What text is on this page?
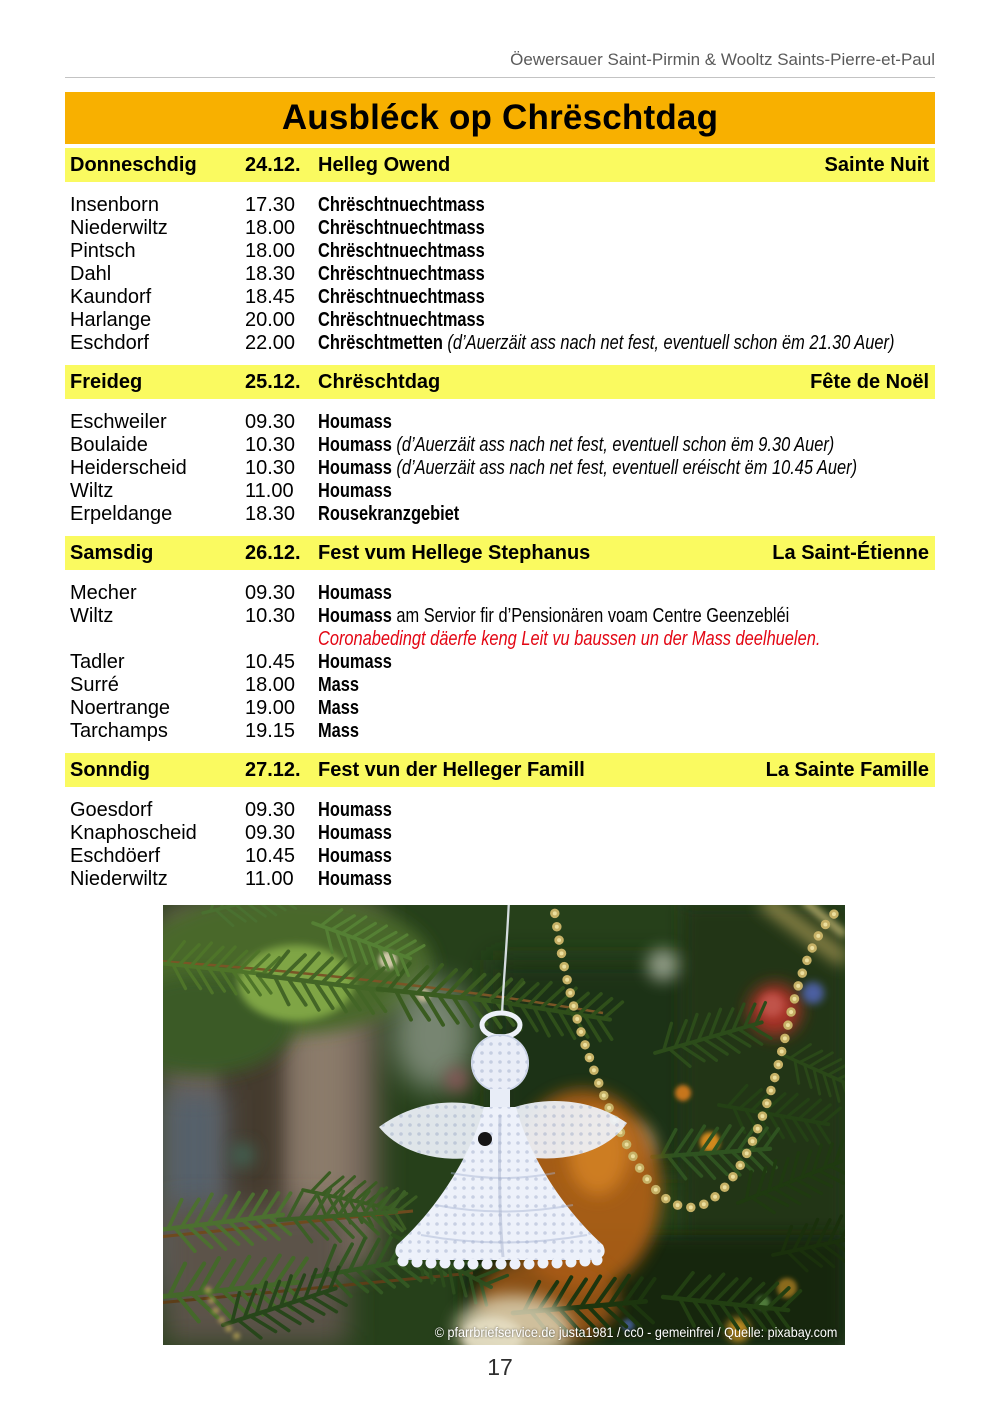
Öewersauer Saint-Pirmin & Wooltz Saints-Pierre-et-Paul
Ausbléck op Chrëschtdag
Donneschdig	24.12. Helleg Owend	Sainte Nuit
Insenborn	17.30	Chrëschtnuechtmass
Niederwiltz	18.00	Chrëschtnuechtmass
Pintsch	18.00	Chrëschtnuechtmass
Dahl	18.30	Chrëschtnuechtmass
Kaundorf	18.45	Chrëschtnuechtmass
Harlange	20.00	Chrëschtnuechtmass
Eschdorf	22.00	Chrëschtmetten (d’Auerzäit ass nach net fest, eventuell schon ëm 21.30 Auer)
Freideg	25.12. Chrëschtdag	Fête de Noël
Eschweiler	09.30	Houmass
Boulaide	10.30	Houmass (d’Auerzäit ass nach net fest, eventuell schon ëm 9.30 Auer)
Heiderscheid	10.30	Houmass (d’Auerzäit ass nach net fest, eventuell eréischt ëm 10.45 Auer)
Wiltz	11.00	Houmass
Erpeldange	18.30	Rousekranzgebiet
Samsdig	26.12. Fest vum Hellege Stephanus	La Saint-Étienne
Mecher	09.30	Houmass
Wiltz	10.30	Houmass am Servior fir d’Pensionären voam Centre Geenzebléi
Coronabedingt däerfe keng Leit vu baussen un der Mass deelhuelen.
Tadler	10.45	Houmass
Surré	18.00	Mass
Noertrange	19.00	Mass
Tarchamps	19.15	Mass
Sonndig	27.12. Fest vun der Helleger Famill	La Sainte Famille
Goesdorf	09.30	Houmass
Knaphoscheid	09.30	Houmass
Eschdöerf	10.45	Houmass
Niederwiltz	11.00	Houmass
© pfarrbriefservice.de justa1981 / cc0 - gemeinfrei / Quelle: pixabay.com
17
